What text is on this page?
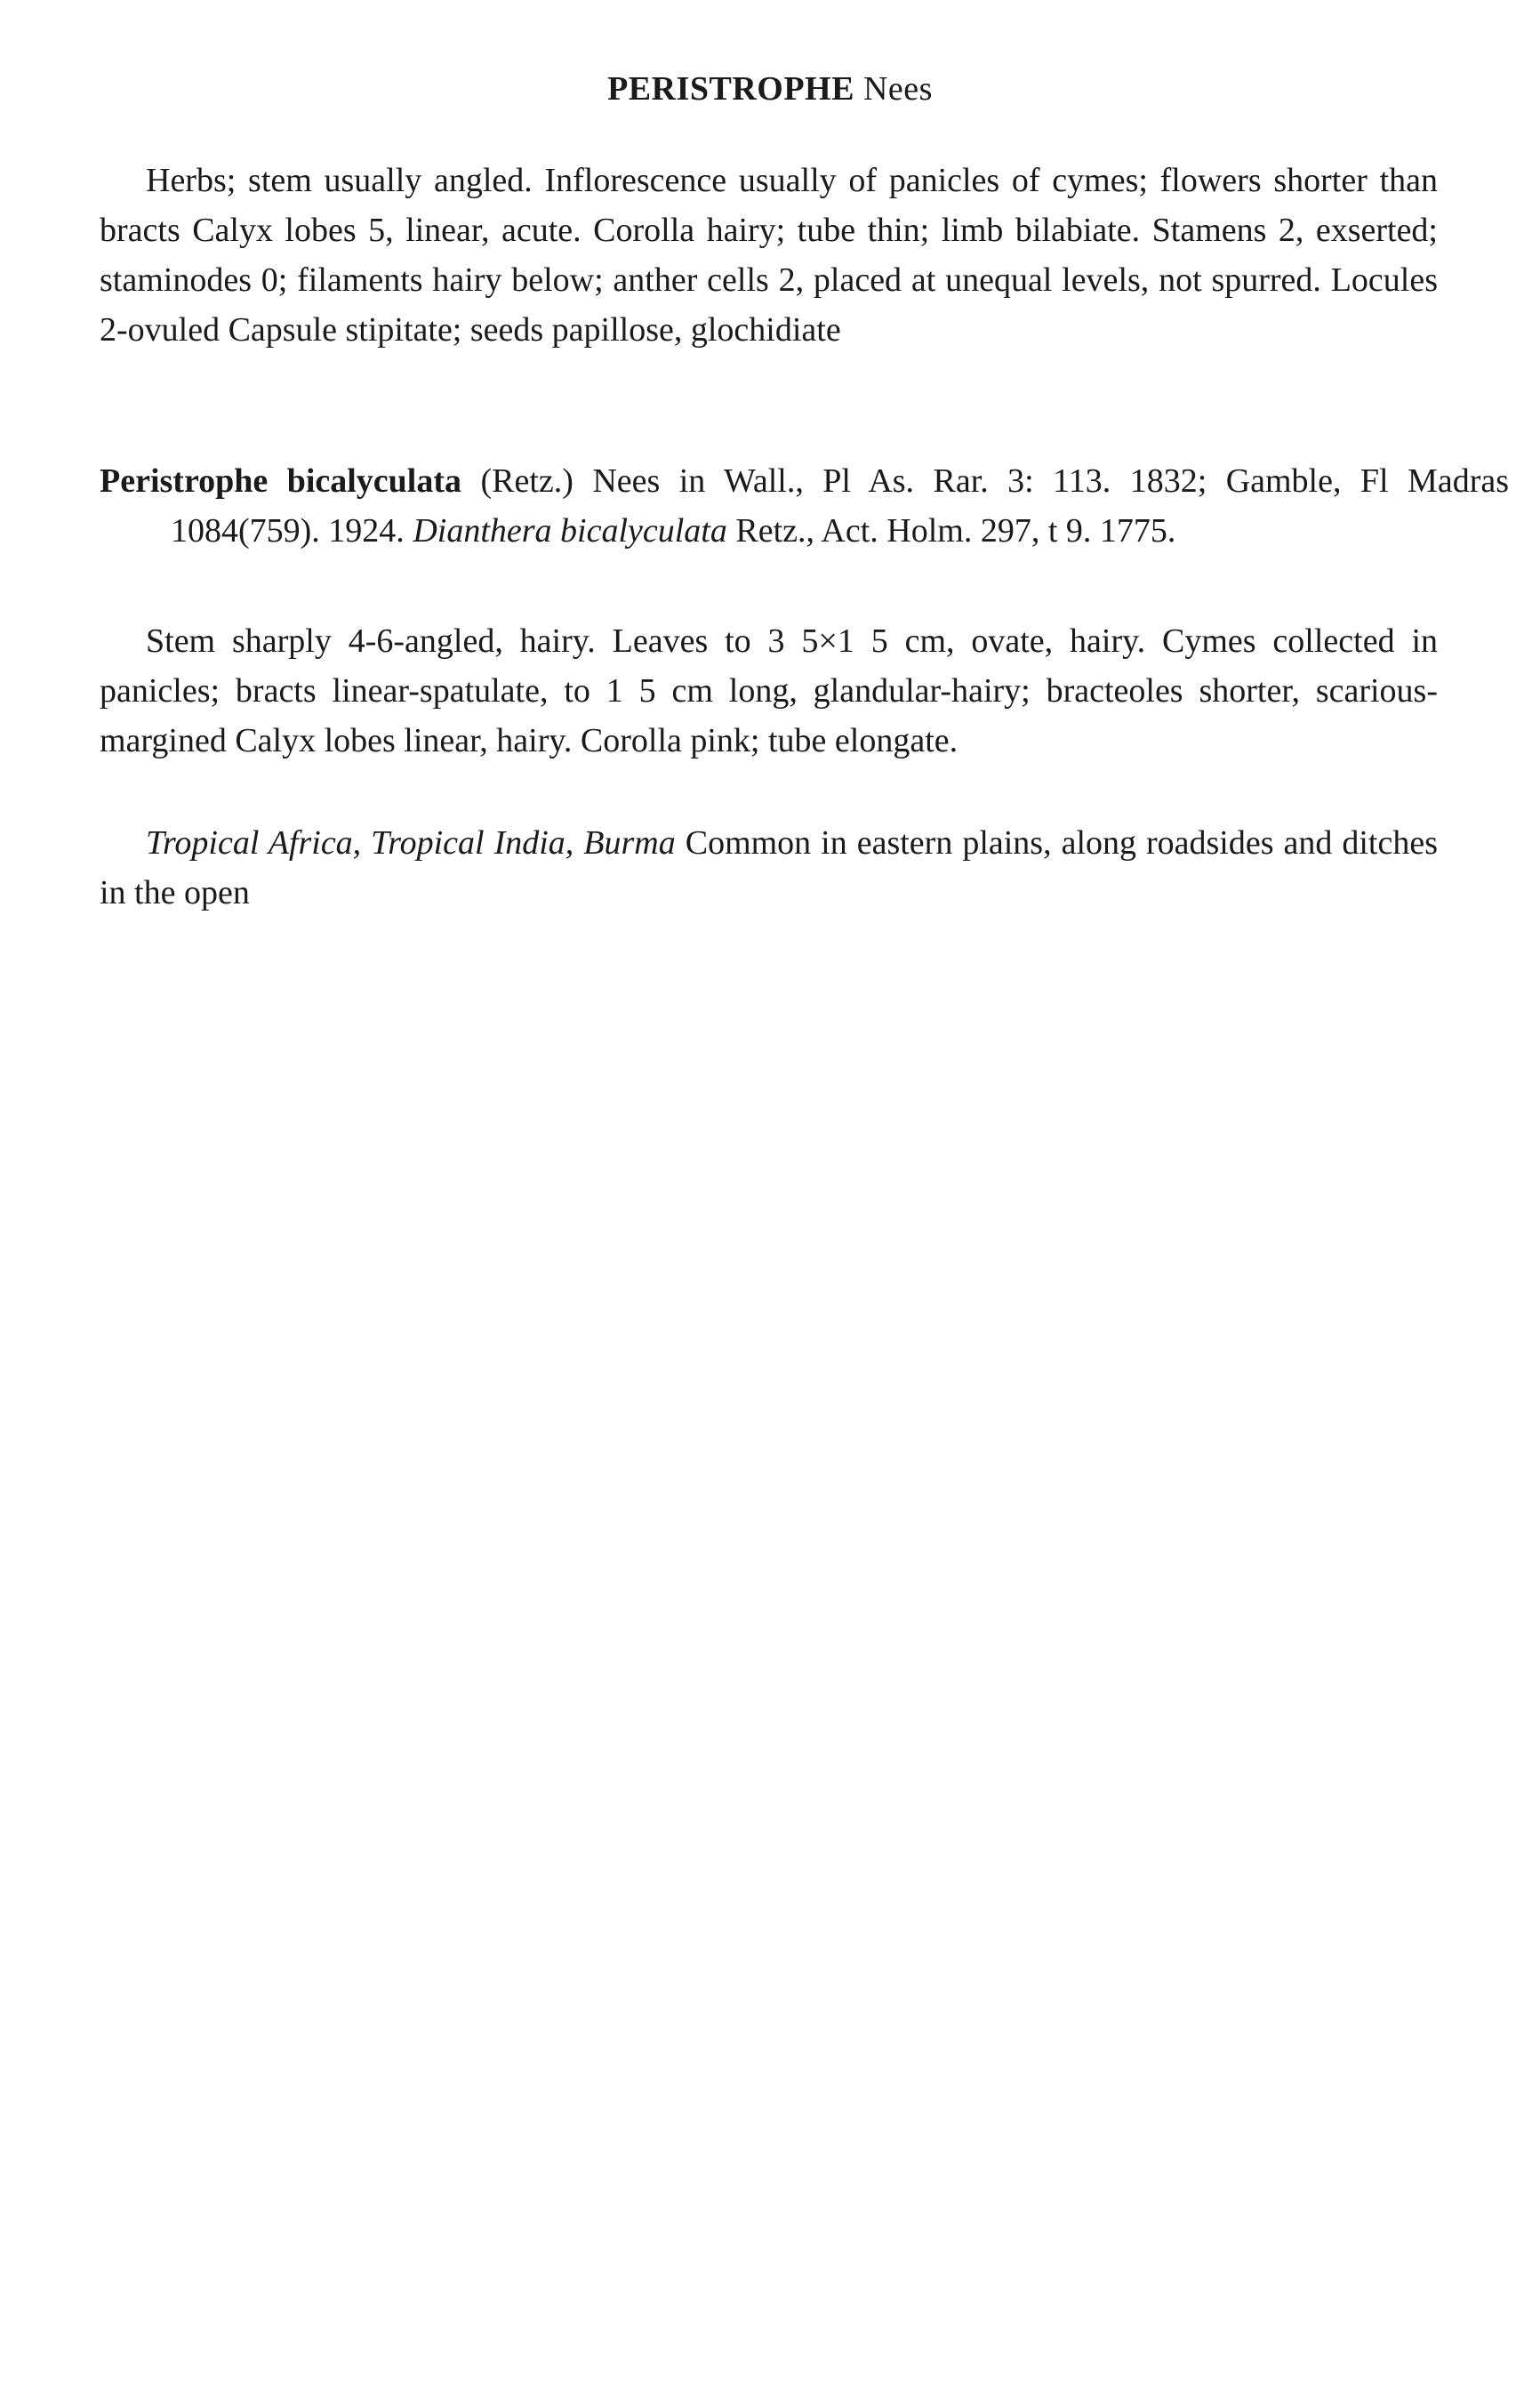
PERISTROPHE Nees

Herbs; stem usually angled. Inflorescence usually of panicles of cymes; flowers shorter than bracts Calyx lobes 5, linear, acute. Corolla hairy; tube thin; limb bilabiate. Stamens 2, exserted; staminodes 0; filaments hairy below; anther cells 2, placed at unequal levels, not spurred. Locules 2-ovuled Capsule stipitate; seeds papillose, glochidiate

Peristrophe bicalyculata (Retz.) Nees in Wall., Pl As. Rar. 3: 113. 1832; Gamble, Fl Madras 1084(759). 1924. Dianthera bicalyculata Retz., Act. Holm. 297, t 9. 1775.

Stem sharply 4-6-angled, hairy. Leaves to 3 5×1 5 cm, ovate, hairy. Cymes collected in panicles; bracts linear-spatulate, to 1 5 cm long, glandular-hairy; bracteoles shorter, scarious-margined Calyx lobes linear, hairy. Corolla pink; tube elongate.

Tropical Africa, Tropical India, Burma Common in eastern plains, along roadsides and ditches in the open
